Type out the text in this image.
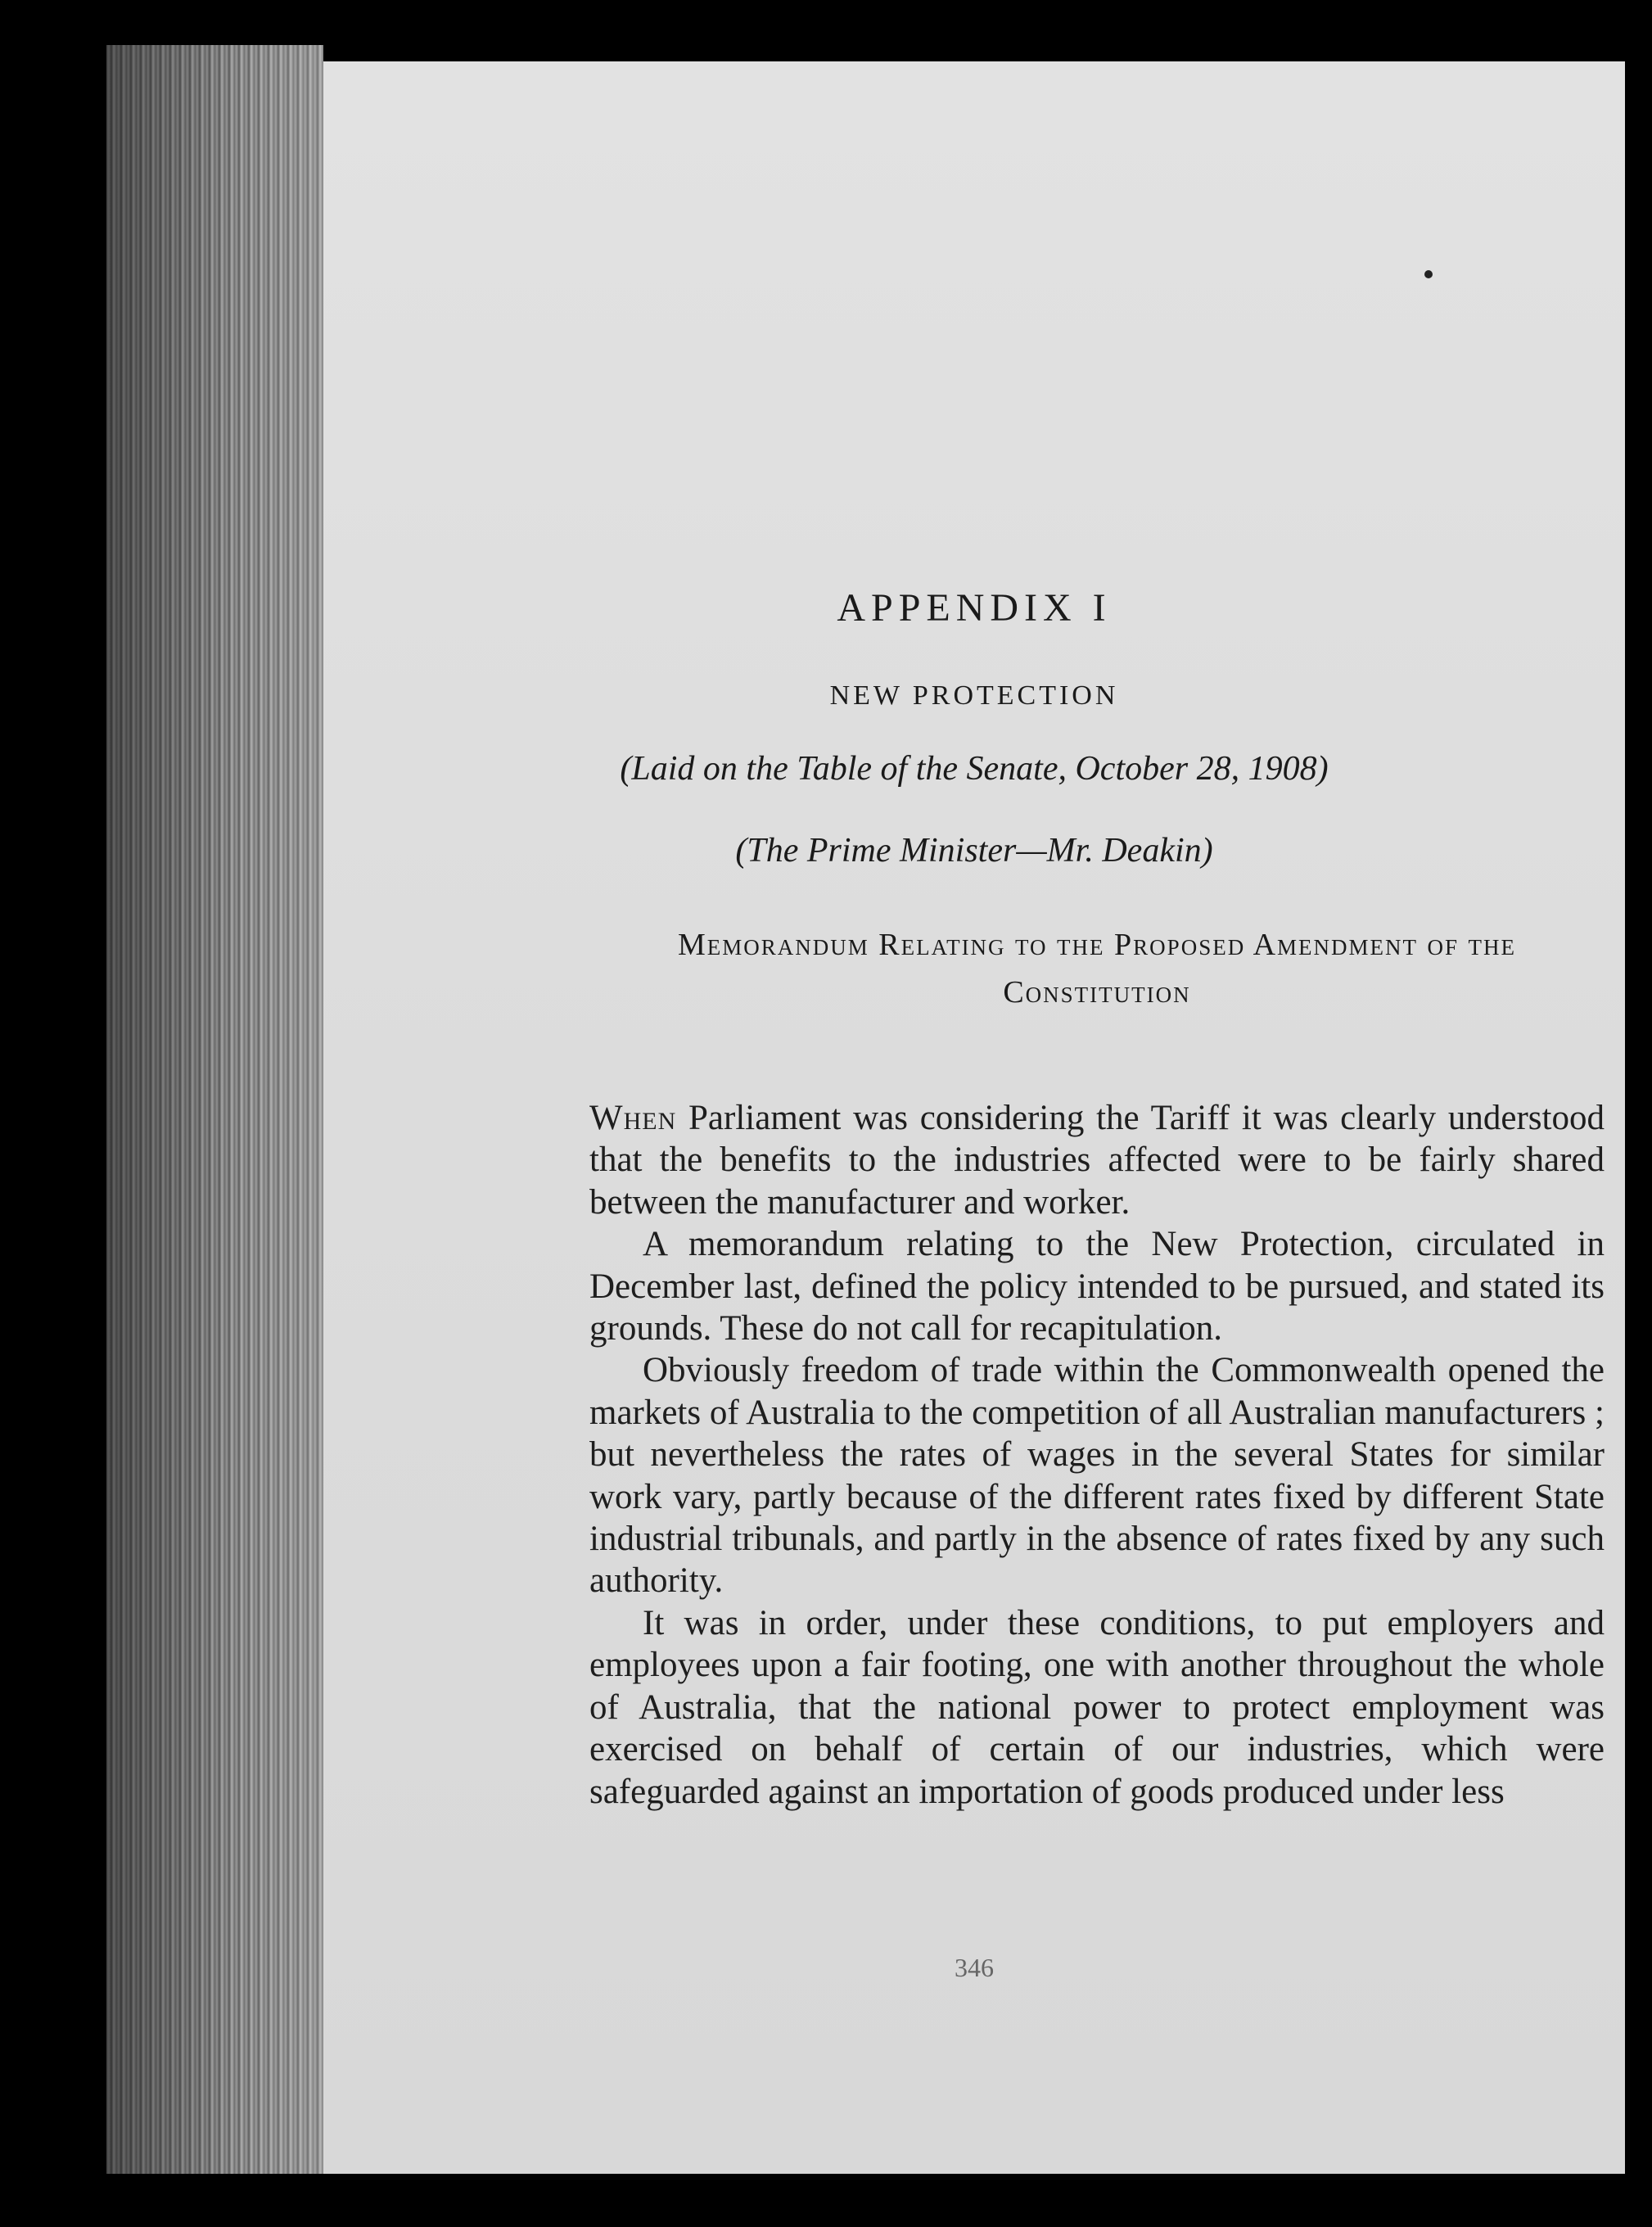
APPENDIX I
NEW PROTECTION
(Laid on the Table of the Senate, October 28, 1908)
(The Prime Minister—Mr. Deakin)
Memorandum Relating to the Proposed Amendment of the Constitution

When Parliament was considering the Tariff it was clearly understood that the benefits to the industries affected were to be fairly shared between the manufacturer and worker.

A memorandum relating to the New Protection, circulated in December last, defined the policy intended to be pursued, and stated its grounds. These do not call for recapitulation.

Obviously freedom of trade within the Commonwealth opened the markets of Australia to the competition of all Australian manufacturers ; but nevertheless the rates of wages in the several States for similar work vary, partly because of the different rates fixed by different State industrial tribunals, and partly in the absence of rates fixed by any such authority.

It was in order, under these conditions, to put employers and employees upon a fair footing, one with another throughout the whole of Australia, that the national power to protect employment was exercised on behalf of certain of our industries, which were safeguarded against an importation of goods produced under less

346
